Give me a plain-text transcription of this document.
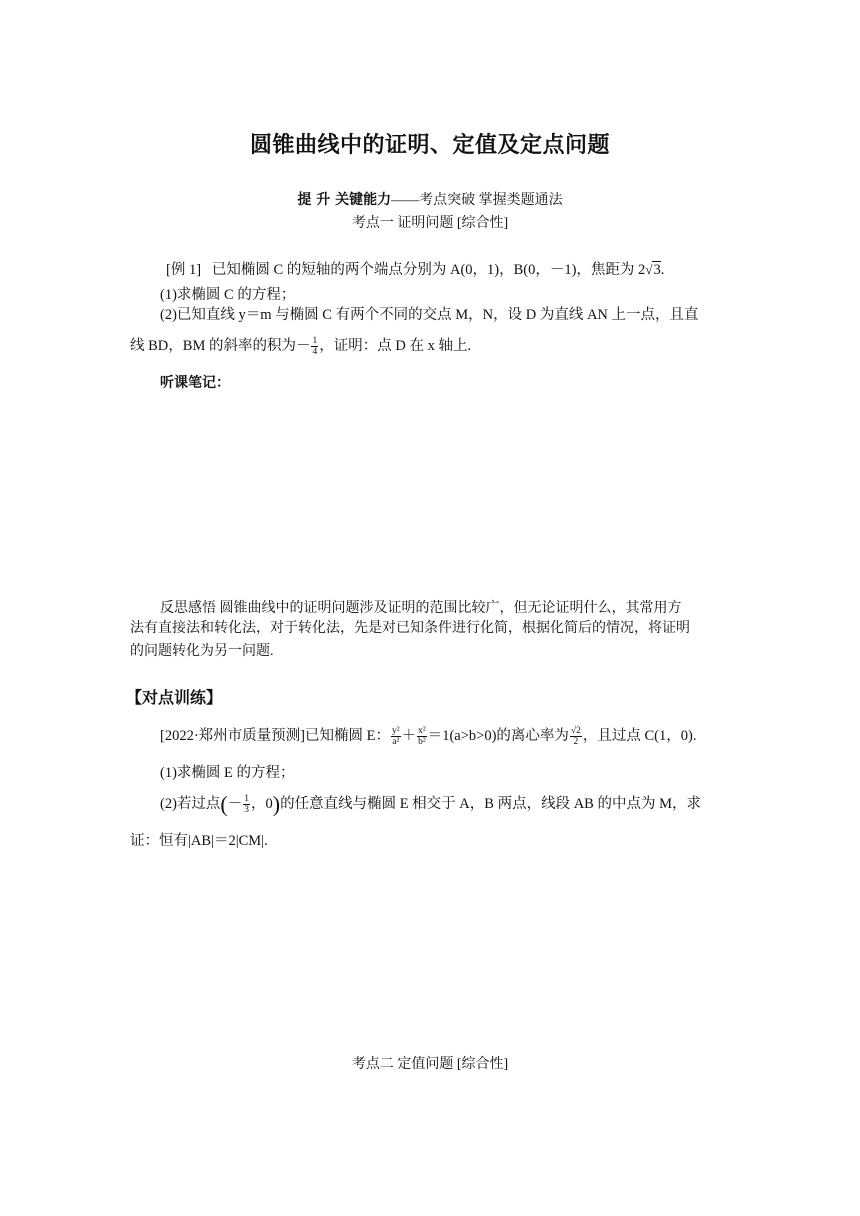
圆锥曲线中的证明、定值及定点问题
提 升 关键能力——考点突破 掌握类题通法
考点一 证明问题 [综合性]
[例 1] 已知椭圆 C 的短轴的两个端点分别为 A(0，1)，B(0，－1)，焦距为 2√3.
(1)求椭圆 C 的方程；
(2)已知直线 y＝m 与椭圆 C 有两个不同的交点 M，N，设 D 为直线 AN 上一点，且直
线 BD，BM 的斜率的积为－ $\frac{1}{4}$ ，证明：点 D 在 x 轴上.
听课笔记：
反思感悟 圆锥曲线中的证明问题涉及证明的范围比较广，但无论证明什么，其常用方
法有直接法和转化法，对于转化法，先是对已知条件进行化简，根据化简后的情况，将证明
的问题转化为另一问题.
【对点训练】
[2022·郑州市质量预测]已知椭圆 E： $\frac{\text{y²}}{\text{a²}} + \frac{\text{x²}}{\text{b²}} =1(a>b>0)$的离心率为 $\frac{√2}{2}$ ，且过点 C(1，0).
(1)求椭圆 E 的方程；
(2)若过点(－ $\frac{1}{3}$ ，0)的任意直线与椭圆 E 相交于 A，B 两点，线段 AB 的中点为 M，求
证：恒有|AB|＝2|CM|.
考点二 定值问题 [综合性]
